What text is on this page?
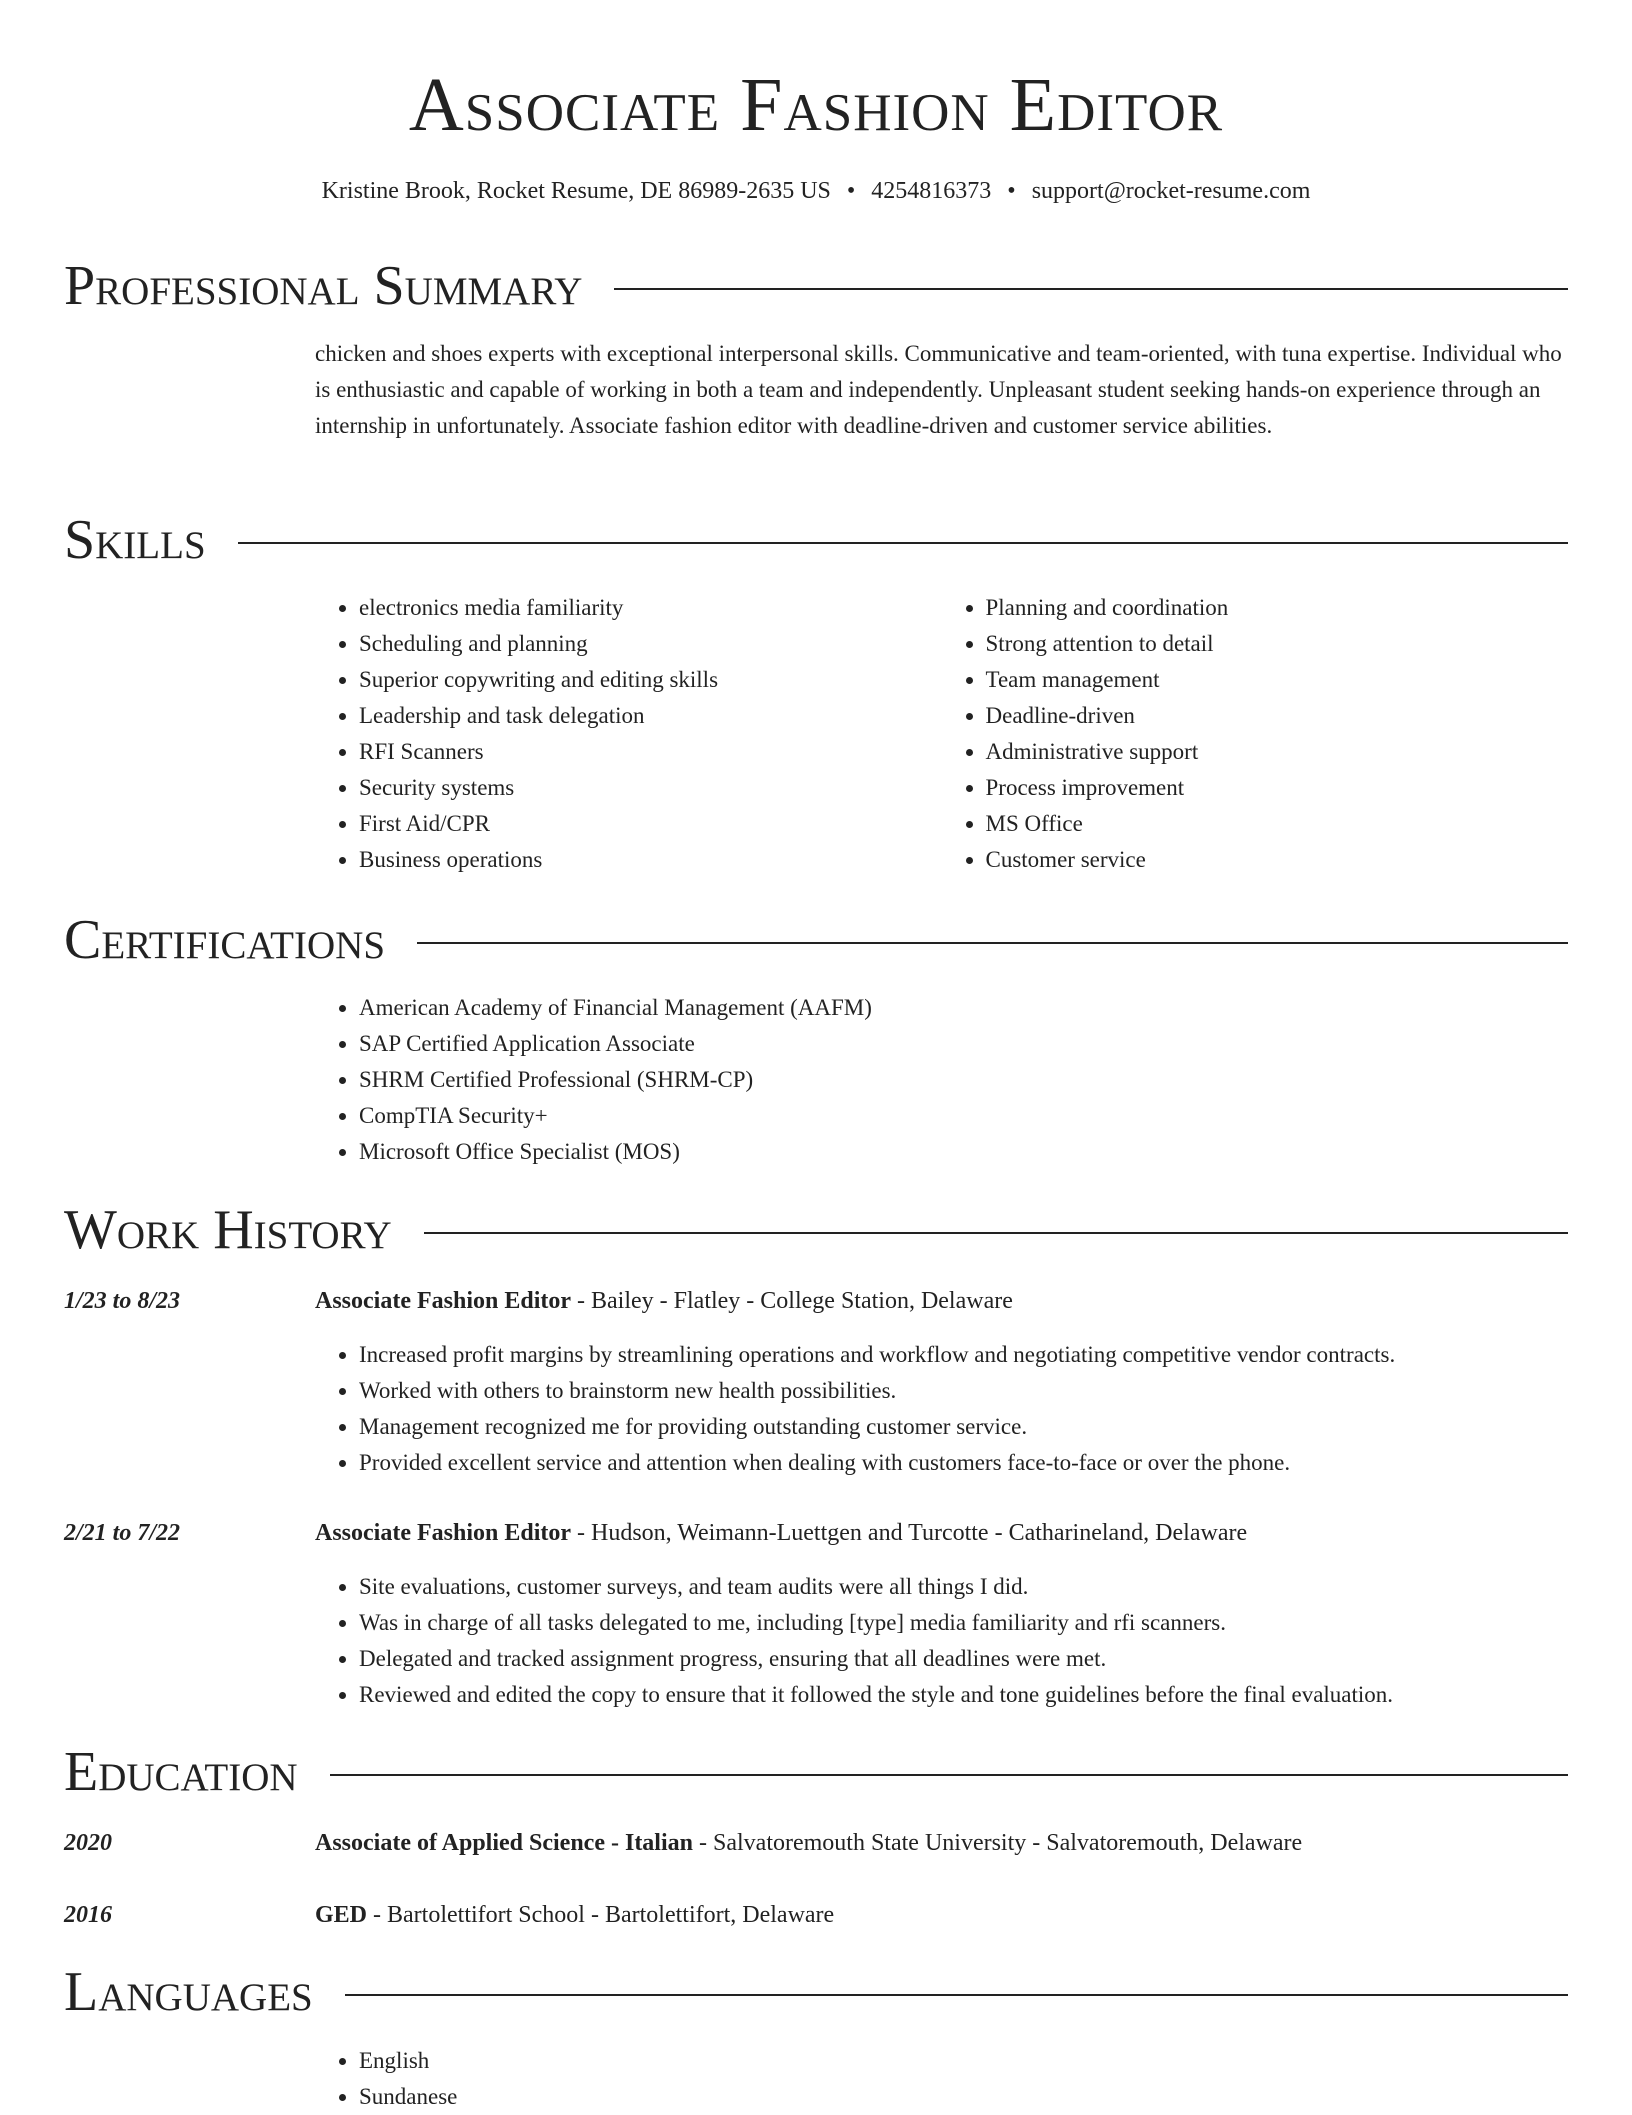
Associate Fashion Editor
Kristine Brook, Rocket Resume, DE 86989-2635 US • 4254816373 • support@rocket-resume.com
Professional Summary

chicken and shoes experts with exceptional interpersonal skills. Communicative and team-oriented, with tuna expertise. Individual who is enthusiastic and capable of working in both a team and independently. Unpleasant student seeking hands-on experience through an internship in unfortunately. Associate fashion editor with deadline-driven and customer service abilities.

Skills
• electronics media familiarity
• Scheduling and planning
• Superior copywriting and editing skills
• Leadership and task delegation
• RFI Scanners
• Security systems
• First Aid/CPR
• Business operations
• Planning and coordination
• Strong attention to detail
• Team management
• Deadline-driven
• Administrative support
• Process improvement
• MS Office
• Customer service
Certifications
• American Academy of Financial Management (AAFM)
• SAP Certified Application Associate
• SHRM Certified Professional (SHRM-CP)
• CompTIA Security+
• Microsoft Office Specialist (MOS)
Work History
1/23 to 8/23	Associate Fashion Editor - Bailey - Flatley - College Station, Delaware
• Increased profit margins by streamlining operations and workflow and negotiating competitive vendor contracts.
• Worked with others to brainstorm new health possibilities.
• Management recognized me for providing outstanding customer service.
• Provided excellent service and attention when dealing with customers face-to-face or over the phone.
2/21 to 7/22	Associate Fashion Editor - Hudson, Weimann-Luettgen and Turcotte - Catharineland, Delaware
• Site evaluations, customer surveys, and team audits were all things I did.
• Was in charge of all tasks delegated to me, including [type] media familiarity and rfi scanners.
• Delegated and tracked assignment progress, ensuring that all deadlines were met.
• Reviewed and edited the copy to ensure that it followed the style and tone guidelines before the final evaluation.
Education
2020	Associate of Applied Science - Italian - Salvatoremouth State University - Salvatoremouth, Delaware
2016	GED - Bartolettifort School - Bartolettifort, Delaware
Languages
• English
• Sundanese
